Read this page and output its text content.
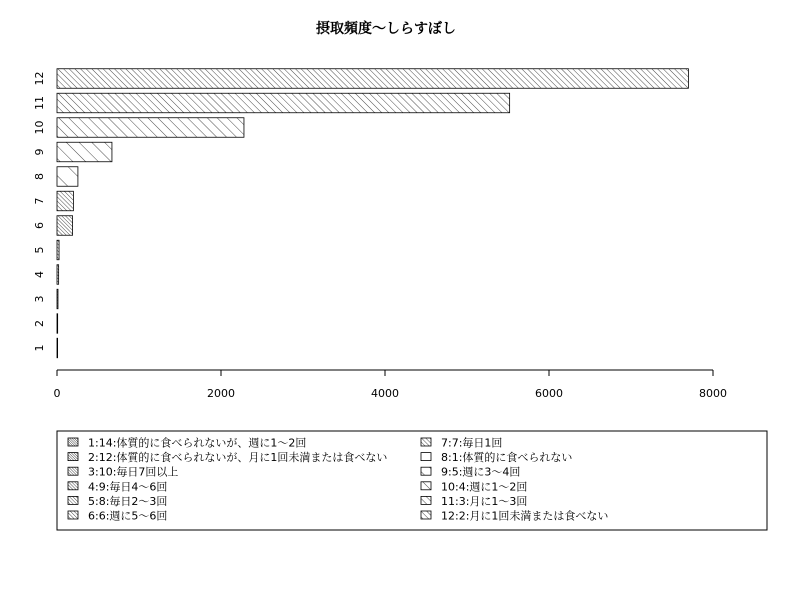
摂取頻度〜しらすぼし
1
2
3
4
5
6
7
8
9
10
11
12
0	2000	4000	6000	8000
1:14:体質的に食べられないが、週に1〜2回
2:12:体質的に食べられないが、月に1回未満または食べない
3:10:毎日7回以上
4:9:毎日4〜6回
5:8:毎日2〜3回
6:6:週に5〜6回
7:7:毎日1回
8:1:体質的に食べられない
9:5:週に3〜4回
10:4:週に1〜2回
11:3:月に1〜3回
12:2:月に1回未満または食べない
